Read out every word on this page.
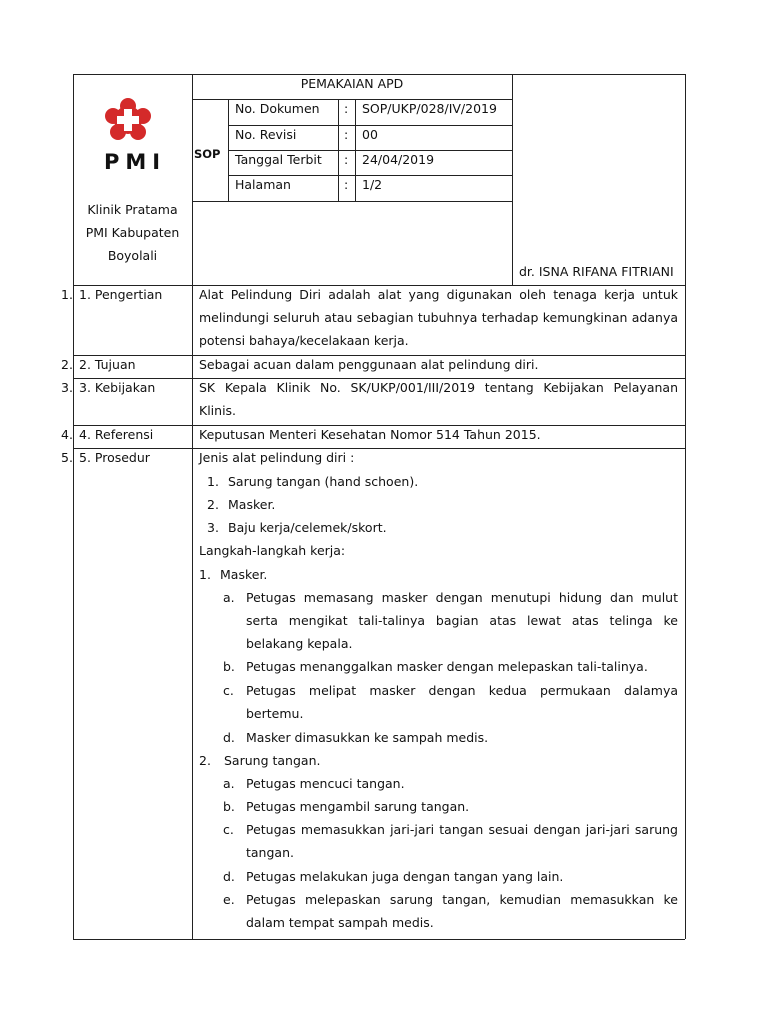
PMI
PEMAKAIAN APD
SOP
No. Dokumen : SOP/UKP/028/IV/2019
No. Revisi	: 00
Tanggal Terbit : 24/04/2019
Halaman	: 1/2
Klinik Pratama
PMI Kabupaten
Boyolali
dr. ISNA RIFANA FITRIANI
1. 1. Pengertian	Alat Pelindung Diri adalah alat yang digunakan oleh tenaga kerja untuk
melindungi seluruh atau sebagian tubuhnya terhadap kemungkinan adanya
potensi bahaya/kecelakaan kerja.
2. 2. Tujuan	Sebagai acuan dalam penggunaan alat pelindung diri.
3. 3. Kebijakan	SK Kepala Klinik No. SK/UKP/001/III/2019 tentang Kebijakan Pelayanan
Klinis.
4. 4. Referensi	Keputusan Menteri Kesehatan Nomor 514 Tahun 2015.
5. 5. Prosedur	Jenis alat pelindung diri :
1. Sarung tangan (hand schoen).
2. Masker.
3. Baju kerja/celemek/skort.
Langkah-langkah kerja:
1. Masker.
a. Petugas memasang masker dengan menutupi hidung dan mulut
serta mengikat tali-talinya bagian atas lewat atas telinga ke
belakang kepala.
b. Petugas menanggalkan masker dengan melepaskan tali-talinya.
c. Petugas melipat masker dengan kedua permukaan dalamya
bertemu.
d. Masker dimasukkan ke sampah medis.
2. Sarung tangan.
a. Petugas mencuci tangan.
b. Petugas mengambil sarung tangan.
c. Petugas memasukkan jari-jari tangan sesuai dengan jari-jari sarung
tangan.
d. Petugas melakukan juga dengan tangan yang lain.
e. Petugas melepaskan sarung tangan, kemudian memasukkan ke
dalam tempat sampah medis.
